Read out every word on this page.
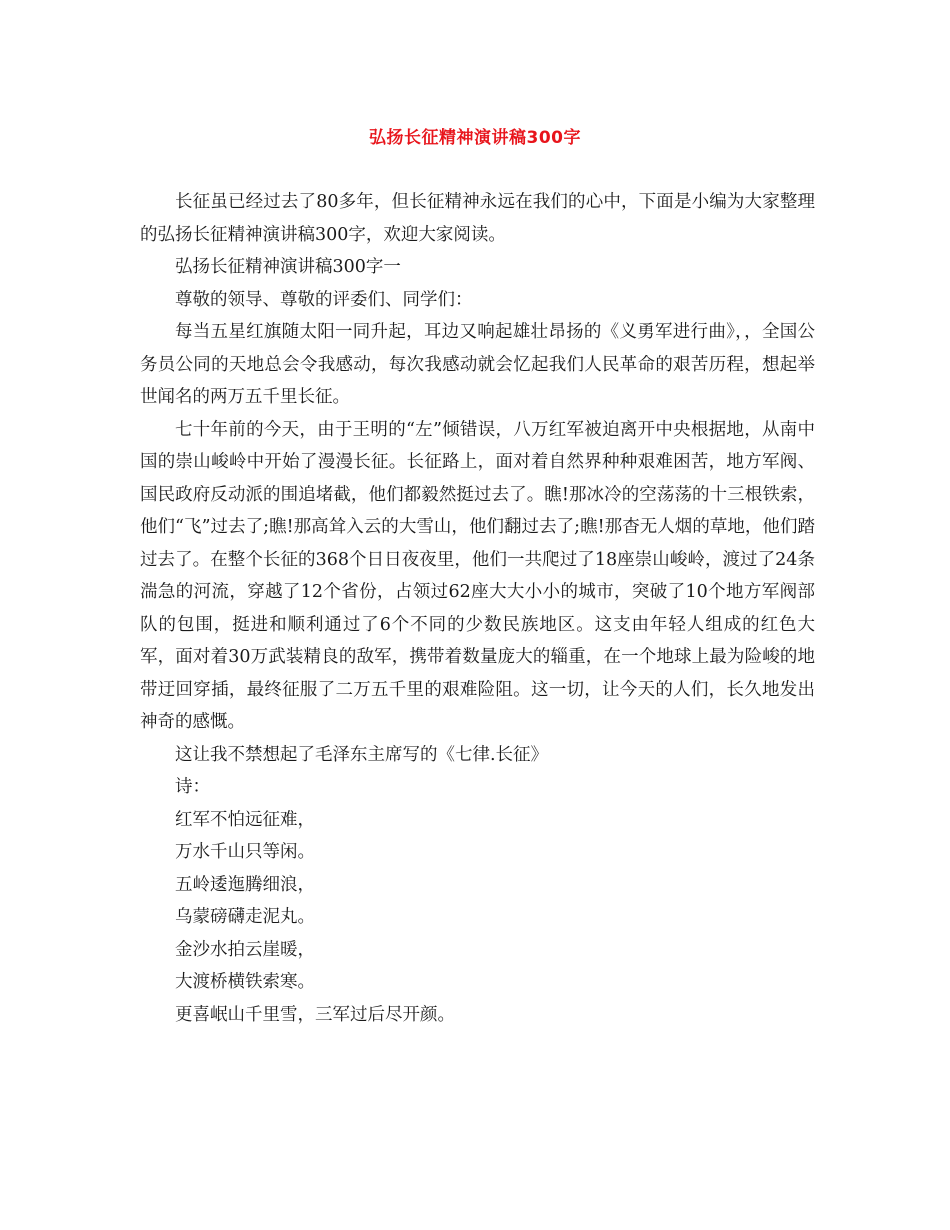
弘扬长征精神演讲稿300字

长征虽已经过去了80多年，但长征精神永远在我们的心中，下面是小编为大家整理的弘扬长征精神演讲稿300字，欢迎大家阅读。

弘扬长征精神演讲稿300字一
尊敬的领导、尊敬的评委们、同学们：

每当五星红旗随太阳一同升起，耳边又响起雄壮昂扬的《义勇军进行曲》，，全国公务员公同的天地总会令我感动，每次我感动就会忆起我们人民革命的艰苦历程，想起举世闻名的两万五千里长征。

七十年前的今天，由于王明的“左”倾错误，八万红军被迫离开中央根据地，从南中国的崇山峻岭中开始了漫漫长征。长征路上，面对着自然界种种艰难困苦，地方军阀、国民政府反动派的围追堵截，他们都毅然挺过去了。瞧!那冰冷的空荡荡的十三根铁索，他们“飞”过去了;瞧!那高耸入云的大雪山，他们翻过去了;瞧!那杳无人烟的草地，他们踏过去了。在整个长征的368个日日夜夜里，他们一共爬过了18座崇山峻岭，渡过了24条湍急的河流，穿越了12个省份，占领过62座大大小小的城市，突破了10个地方军阀部队的包围，挺进和顺利通过了6个不同的少数民族地区。这支由年轻人组成的红色大军，面对着30万武装精良的敌军，携带着数量庞大的辎重，在一个地球上最为险峻的地带迂回穿插，最终征服了二万五千里的艰难险阻。这一切，让今天的人们，长久地发出神奇的感慨。

这让我不禁想起了毛泽东主席写的《七律.长征》
诗：
红军不怕远征难，
万水千山只等闲。
五岭逶迤腾细浪，
乌蒙磅礴走泥丸。
金沙水拍云崖暖，
大渡桥横铁索寒。
更喜岷山千里雪，三军过后尽开颜。
